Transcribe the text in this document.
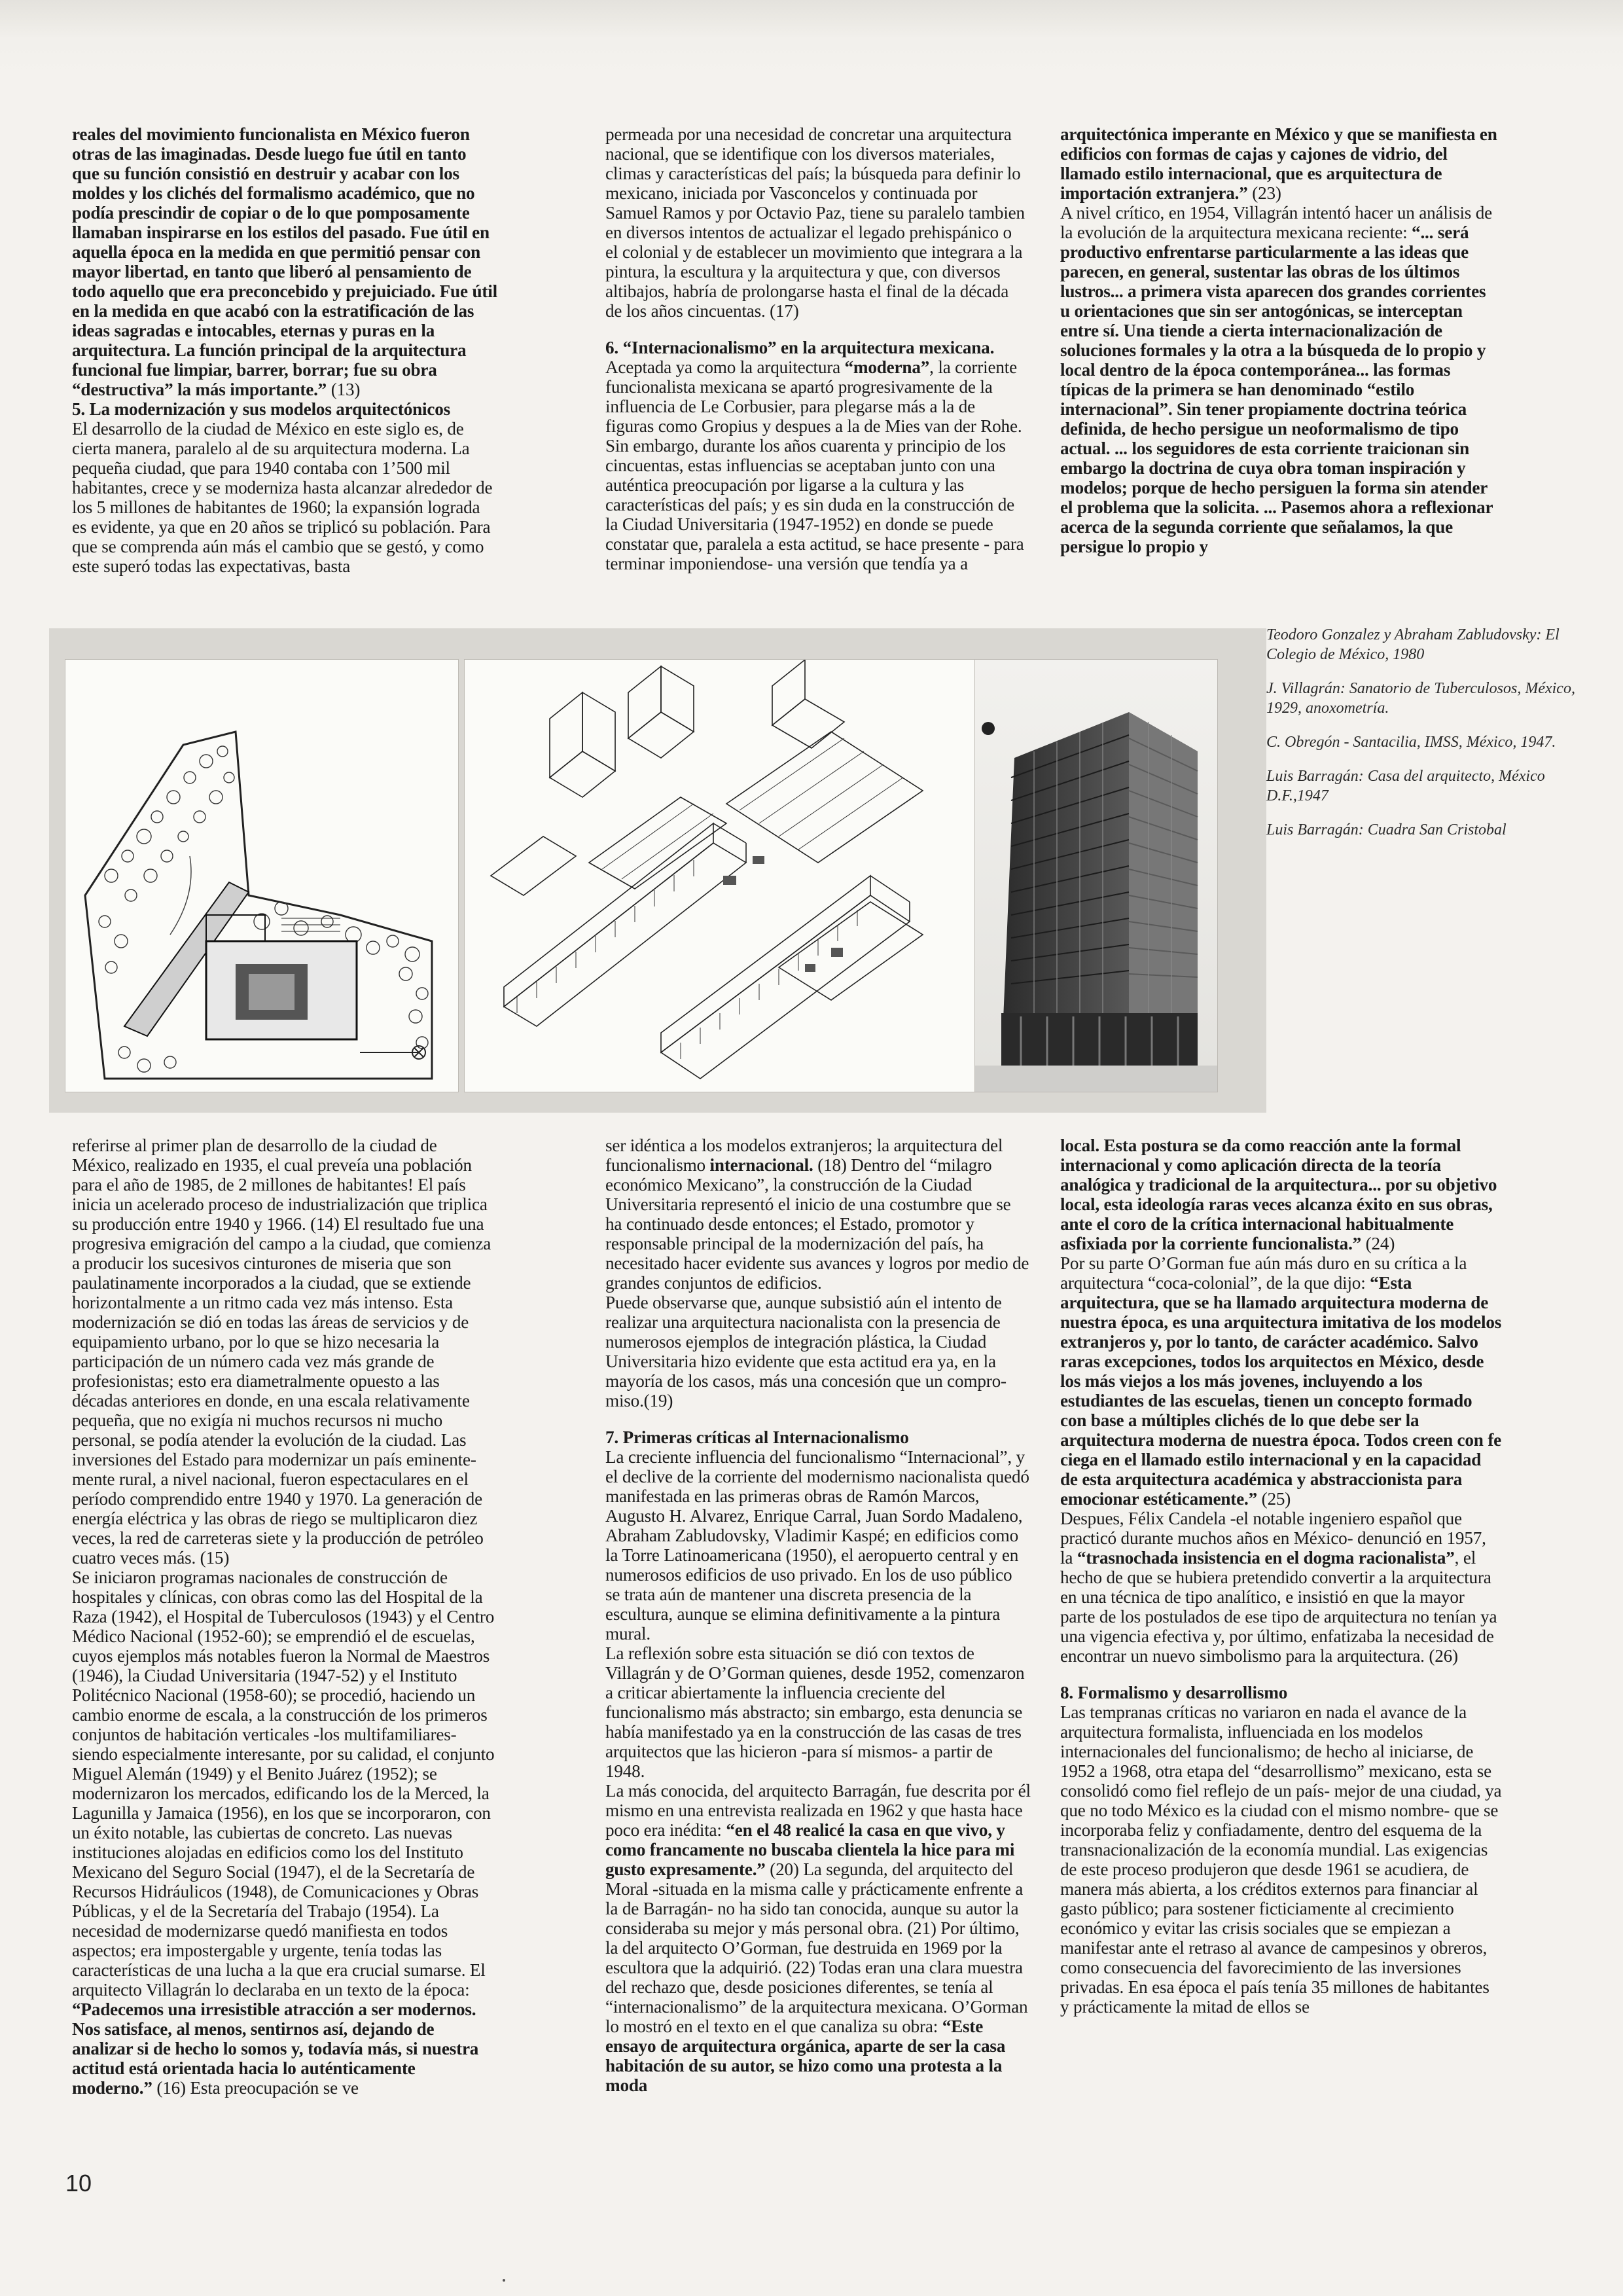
reales del movimiento funcionalista en México fueron otras de las imaginadas. Desde luego fue útil en tanto que su función consistió en destruir y acabar con los moldes y los clichés del formalismo académico, que no podía prescindir de copiar o de lo que pomposamente llamaban inspirarse en los estilos del pasado. Fue útil en aquella época en la medida en que permitió pensar con mayor libertad, en tanto que liberó al pensamiento de todo aquello que era preconcebido y prejuiciado. Fue útil en la medida en que acabó con la estratificación de las ideas sagradas e intocables, eternas y puras en la arquitectura. La función principal de la arquitectura funcional fue limpiar, barrer, borrar; fue su obra “destructiva” la más importante.” (13)

5. La modernización y sus modelos arquitectónicos

El desarrollo de la ciudad de México en este siglo es, de cierta manera, paralelo al de su arquitectura moderna. La pequeña ciudad, que para 1940 contaba con 1’500 mil habitantes, crece y se moderniza hasta alcanzar alrededor de los 5 millones de habitantes de 1960; la expansión lograda es evidente, ya que en 20 años se triplicó su población. Para que se comprenda aún más el cambio que se gestó, y como este superó todas las expectativas, basta

permeada por una necesidad de concretar una arquitectura nacional, que se identifique con los diversos materiales, climas y características del país; la búsqueda para definir lo mexicano, iniciada por Vasconcelos y continuada por Samuel Ramos y por Octavio Paz, tiene su paralelo tambien en diversos intentos de actualizar el legado prehispánico o el colonial y de establecer un movimiento que integrara a la pintura, la escultura y la arquitectura y que, con diversos altibajos, habría de prolongarse hasta el final de la década de los años cincuentas. (17)

6. “Internacionalismo” en la arquitectura mexicana.

Aceptada ya como la arquitectura “moderna”, la corriente funcionalista mexicana se apartó progresivamente de la influencia de Le Corbusier, para plegarse más a la de figuras como Gropius y despues a la de Mies van der Rohe. Sin embargo, durante los años cuarenta y principio de los cincuentas, estas influencias se aceptaban junto con una auténtica preocupación por ligarse a la cultura y las características del país; y es sin duda en la construcción de la Ciudad Universitaria (1947-1952) en donde se puede constatar que, paralela a esta actitud, se hace presente - para terminar imponiendose- una versión que tendía ya a

arquitectónica imperante en México y que se manifiesta en edificios con formas de cajas y cajones de vidrio, del llamado estilo internacional, que es arquitectura de importación extranjera.” (23)

A nivel crítico, en 1954, Villagrán intentó hacer un análisis de la evolución de la arquitectura mexicana reciente: “... será productivo enfrentarse particularmente a las ideas que parecen, en general, sustentar las obras de los últimos lustros... a primera vista aparecen dos grandes corrientes u orientaciones que sin ser antogónicas, se interceptan entre sí. Una tiende a cierta internacionalización de soluciones formales y la otra a la búsqueda de lo propio y local dentro de la época contemporánea... las formas típicas de la primera se han denominado “estilo internacional”. Sin tener propiamente doctrina teórica definida, de hecho persigue un neoformalismo de tipo actual. ... los seguidores de esta corriente traicionan sin embargo la doctrina de cuya obra toman inspiración y modelos; porque de hecho persiguen la forma sin atender el problema que la solicita. ... Pasemos ahora a reflexionar acerca de la segunda corriente que señalamos, la que persigue lo propio y

Teodoro Gonzalez y Abraham Zabludovsky: El Colegio de México, 1980
J. Villagrán: Sanatorio de Tuberculosos, México, 1929, anoxometría.
C. Obregón - Santacilia, IMSS, México, 1947.
Luis Barragán: Casa del arquitecto, México D.F.,1947
Luis Barragán: Cuadra San Cristobal

referirse al primer plan de desarrollo de la ciudad de México, realizado en 1935, el cual preveía una población para el año de 1985, de 2 millones de habitantes! El país inicia un acelerado proceso de industrialización que triplica su producción entre 1940 y 1966. (14) El resultado fue una progresiva emigración del campo a la ciudad, que comienza a producir los sucesivos cinturones de miseria que son paulatinamente incorporados a la ciudad, que se extiende horizontalmente a un ritmo cada vez más intenso. Esta modernización se dió en todas las áreas de servicios y de equipamiento urbano, por lo que se hizo necesaria la participación de un número cada vez más grande de profesionistas; esto era diametralmente opuesto a las décadas anteriores en donde, en una escala relativamente pequeña, que no exigía ni muchos recursos ni mucho personal, se podía atender la evolución de la ciudad. Las inversiones del Estado para modernizar un país eminentemente rural, a nivel nacional, fueron espectaculares en el período comprendido entre 1940 y 1970. La generación de energía eléctrica y las obras de riego se multiplicaron diez veces, la red de carreteras siete y la producción de petróleo cuatro veces más. (15)

Se iniciaron programas nacionales de construcción de hospitales y clínicas, con obras como las del Hospital de la Raza (1942), el Hospital de Tuberculosos (1943) y el Centro Médico Nacional (1952-60); se emprendió el de escuelas, cuyos ejemplos más notables fueron la Normal de Maestros (1946), la Ciudad Universitaria (1947-52) y el Instituto Politécnico Nacional (1958-60); se procedió, haciendo un cambio enorme de escala, a la construcción de los primeros conjuntos de habitación verticales -los multifamiliares- siendo especialmente interesante, por su calidad, el conjunto Miguel Alemán (1949) y el Benito Juárez (1952); se modernizaron los mercados, edificando los de la Merced, la Lagunilla y Jamaica (1956), en los que se incorporaron, con un éxito notable, las cubiertas de concreto. Las nuevas instituciones alojadas en edificios como los del Instituto Mexicano del Seguro Social (1947), el de la Secretaría de Recursos Hidráulicos (1948), de Comunicaciones y Obras Públicas, y el de la Secretaría del Trabajo (1954). La necesidad de modernizarse quedó manifiesta en todos aspectos; era impostergable y urgente, tenía todas las características de una lucha a la que era crucial sumarse. El arquitecto Villagrán lo declaraba en un texto de la época: “Padecemos una irresistible atracción a ser modernos. Nos satisface, al menos, sentirnos así, dejando de analizar si de hecho lo somos y, todavía más, si nuestra actitud está orientada hacia lo auténticamente moderno.” (16) Esta preocupación se ve

ser idéntica a los modelos extranjeros; la arquitectura del funcionalismo internacional. (18) Dentro del “milagro económico Mexicano”, la construcción de la Ciudad Universitaria representó el inicio de una costumbre que se ha continuado desde entonces; el Estado, promotor y responsable principal de la modernización del país, ha necesitado hacer evidente sus avances y logros por medio de grandes conjuntos de edificios.

Puede observarse que, aunque subsistió aún el intento de realizar una arquitectura nacionalista con la presencia de numerosos ejemplos de integración plástica, la Ciudad Universitaria hizo evidente que esta actitud era ya, en la mayoría de los casos, más una concesión que un compromiso.(19)

7. Primeras críticas al Internacionalismo

La creciente influencia del funcionalismo “Internacional”, y el declive de la corriente del modernismo nacionalista quedó manifestada en las primeras obras de Ramón Marcos, Augusto H. Alvarez, Enrique Carral, Juan Sordo Madaleno, Abraham Zabludovsky, Vladimir Kaspé; en edificios como la Torre Latinoamericana (1950), el aeropuerto central y en numerosos edificios de uso privado. En los de uso público se trata aún de mantener una discreta presencia de la escultura, aunque se elimina definitivamente a la pintura mural.

La reflexión sobre esta situación se dió con textos de Villagrán y de O’Gorman quienes, desde 1952, comenzaron a criticar abiertamente la influencia creciente del funcionalismo más abstracto; sin embargo, esta denuncia se había manifestado ya en la construcción de las casas de tres arquitectos que las hicieron -para sí mismos- a partir de 1948.

La más conocida, del arquitecto Barragán, fue descrita por él mismo en una entrevista realizada en 1962 y que hasta hace poco era inédita: “en el 48 realicé la casa en que vivo, y como francamente no buscaba clientela la hice para mi gusto expresamente.” (20) La segunda, del arquitecto del Moral -situada en la misma calle y prácticamente enfrente a la de Barragán- no ha sido tan conocida, aunque su autor la consideraba su mejor y más personal obra. (21) Por último, la del arquitecto O’Gorman, fue destruida en 1969 por la escultora que la adquirió. (22) Todas eran una clara muestra del rechazo que, desde posiciones diferentes, se tenía al “internacionalismo” de la arquitectura mexicana. O’Gorman lo mostró en el texto en el que canaliza su obra: “Este ensayo de arquitectura orgánica, aparte de ser la casa habitación de su autor, se hizo como una protesta a la moda

local. Esta postura se da como reacción ante la formal internacional y como aplicación directa de la teoría analógica y tradicional de la arquitectura... por su objetivo local, esta ideología raras veces alcanza éxito en sus obras, ante el coro de la crítica internacional habitualmente asfixiada por la corriente funcionalista.” (24)

Por su parte O’Gorman fue aún más duro en su crítica a la arquitectura “coca-colonial”, de la que dijo: “Esta arquitectura, que se ha llamado arquitectura moderna de nuestra época, es una arquitectura imitativa de los modelos extranjeros y, por lo tanto, de carácter académico. Salvo raras excepciones, todos los arquitectos en México, desde los más viejos a los más jovenes, incluyendo a los estudiantes de las escuelas, tienen un concepto formado con base a múltiples clichés de lo que debe ser la arquitectura moderna de nuestra época. Todos creen con fe ciega en el llamado estilo internacional y en la capacidad de esta arquitectura académica y abstraccionista para emocionar estéticamente.” (25)

Despues, Félix Candela -el notable ingeniero español que practicó durante muchos años en México- denunció en 1957, la “trasnochada insistencia en el dogma racionalista”, el hecho de que se hubiera pretendido convertir a la arquitectura en una técnica de tipo analítico, e insistió en que la mayor parte de los postulados de ese tipo de arquitectura no tenían ya una vigencia efectiva y, por último, enfatizaba la necesidad de encontrar un nuevo simbolismo para la arquitectura. (26)

8. Formalismo y desarrollismo

Las tempranas críticas no variaron en nada el avance de la arquitectura formalista, influenciada en los modelos internacionales del funcionalismo; de hecho al iniciarse, de 1952 a 1968, otra etapa del “desarrollismo” mexicano, esta se consolidó como fiel reflejo de un país- mejor de una ciudad, ya que no todo México es la ciudad con el mismo nombre- que se incorporaba feliz y confiadamente, dentro del esquema de la transnacionalización de la economía mundial. Las exigencias de este proceso produjeron que desde 1961 se acudiera, de manera más abierta, a los créditos externos para financiar al gasto público; para sostener ficticiamente al crecimiento económico y evitar las crisis sociales que se empiezan a manifestar ante el retraso al avance de campesinos y obreros, como consecuencia del favorecimiento de las inversiones privadas. En esa época el país tenía 35 millones de habitantes y prácticamente la mitad de ellos se

10
